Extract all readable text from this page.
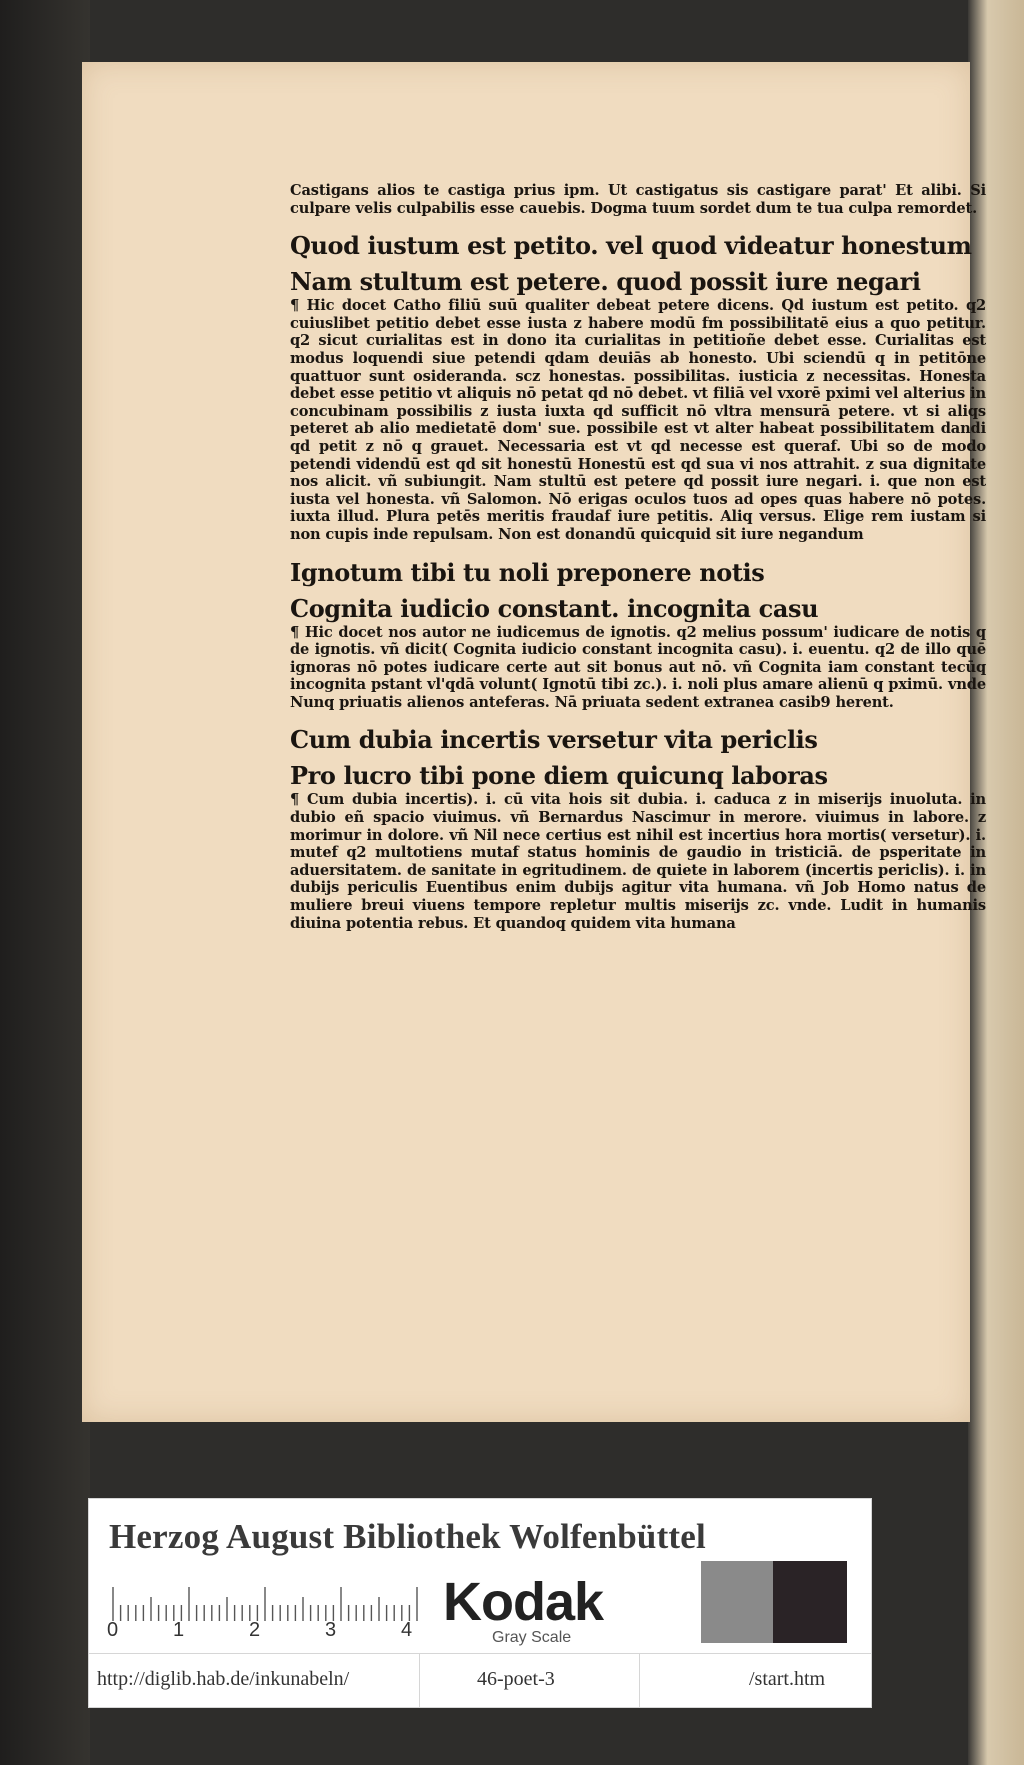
Castigans alios te castiga prius ipm. Ut castigatus sis castigare parat' Et alibi. Si culpare velis culpabilis esse cauebis. Dogma tuum sordet dum te tua culpa remordet.

Quod iustum est petito. vel quod videatur honestum

Nam stultum est petere. quod possit iure negari

¶ Hic docet Catho filiū suū qualiter debeat petere dicens. Qd iustum est petito. q2 cuiuslibet petitio debet esse iusta z habere modū fm possibilitatē eius a quo petitur. q2 sicut curialitas est in dono ita curialitas in petitioñe debet esse. Curialitas est modus loquendi siue petendi qdam deuiās ab honesto. Ubi sciendū q in petitōne quattuor sunt osideranda. scz honestas. possibilitas. iusticia z necessitas. Honesta debet esse petitio vt aliquis nō petat qd nō debet. vt filiā vel vxorē pximi vel alterius in concubinam possibilis z iusta iuxta qd sufficit nō vltra mensurā petere. vt si aliqs peteret ab alio medietatē dom' sue. possibile est vt alter habeat possibilitatem dandi qd petit z nō q grauet. Necessaria est vt qd necesse est queraf. Ubi so de modo petendi videndū est qd sit honestū Honestū est qd sua vi nos attrahit. z sua dignitate nos alicit. vñ subiungit. Nam stultū est petere qd possit iure negari. i. que non est iusta vel honesta. vñ Salomon. Nō erigas oculos tuos ad opes quas habere nō potes. iuxta illud. Plura petēs meritis fraudaf iure petitis. Aliq versus. Elige rem iustam si non cupis inde repulsam. Non est donandū quicquid sit iure negandum

Ignotum tibi tu noli preponere notis

Cognita iudicio constant. incognita casu

¶ Hic docet nos autor ne iudicemus de ignotis. q2 melius possum' iudicare de notis q de ignotis. vñ dicit( Cognita iudicio constant incognita casu). i. euentu. q2 de illo quē ignoras nō potes iudicare certe aut sit bonus aut nō. vñ Cognita iam constant tecūq incognita pstant vl'qdā volunt( Ignotū tibi zc.). i. noli plus amare alienū q pximū. vnde Nunq priuatis alienos anteferas. Nā priuata sedent extranea casib9 herent.

Cum dubia incertis versetur vita periclis

Pro lucro tibi pone diem quicunq laboras

¶ Cum dubia incertis). i. cū vita hois sit dubia. i. caduca z in miserijs inuoluta. in dubio eñ spacio viuimus. vñ Bernardus Nascimur in merore. viuimus in labore. z morimur in dolore. vñ Nil nece certius est nihil est incertius hora mortis( versetur). i. mutef q2 multotiens mutaf status hominis de gaudio in tristiciā. de psperitate in aduersitatem. de sanitate in egritudinem. de quiete in laborem (incertis periclis). i. in dubijs periculis Euentibus enim dubijs agitur vita humana. vñ Job Homo natus de muliere breui viuens tempore repletur multis miserijs zc. vnde. Ludit in humanis diuina potentia rebus. Et quandoq quidem vita humana

Herzog August Bibliothek Wolfenbüttel
0	1	2	3	4 Kodak
Gray Scale
http://diglib.hab.de/inkunabeln/	46-poet-3	/start.htm
